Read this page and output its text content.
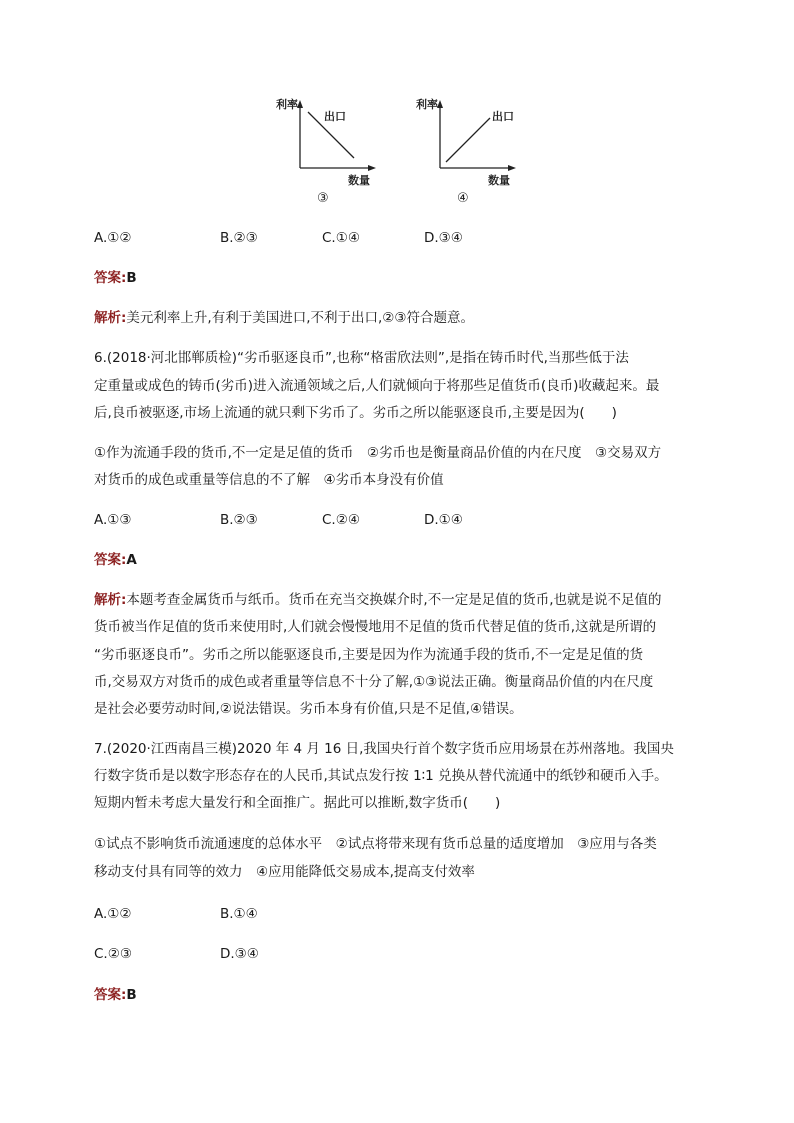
利率
出口
数量
③
利率
出口
数量
④
A.①②	B.②③	C.①④	D.③④
答案:B
解析:美元利率上升,有利于美国进口,不利于出口,②③符合题意。
6.(2018·河北邯郸质检)“劣币驱逐良币”,也称“格雷欣法则”,是指在铸币时代,当那些低于法
定重量或成色的铸币(劣币)进入流通领域之后,人们就倾向于将那些足值货币(良币)收藏起来。最
后,良币被驱逐,市场上流通的就只剩下劣币了。劣币之所以能驱逐良币,主要是因为(　　)
①作为流通手段的货币,不一定是足值的货币　②劣币也是衡量商品价值的内在尺度　③交易双方
对货币的成色或重量等信息的不了解　④劣币本身没有价值
A.①③	B.②③	C.②④	D.①④
答案:A
解析:本题考查金属货币与纸币。货币在充当交换媒介时,不一定是足值的货币,也就是说不足值的
货币被当作足值的货币来使用时,人们就会慢慢地用不足值的货币代替足值的货币,这就是所谓的
“劣币驱逐良币”。劣币之所以能驱逐良币,主要是因为作为流通手段的货币,不一定是足值的货
币,交易双方对货币的成色或者重量等信息不十分了解,①③说法正确。衡量商品价值的内在尺度
是社会必要劳动时间,②说法错误。劣币本身有价值,只是不足值,④错误。
7.(2020·江西南昌三模)2020 年 4 月 16 日,我国央行首个数字货币应用场景在苏州落地。我国央
行数字货币是以数字形态存在的人民币,其试点发行按 1∶1 兑换从替代流通中的纸钞和硬币入手。
短期内暂未考虑大量发行和全面推广。据此可以推断,数字货币(　　)
①试点不影响货币流通速度的总体水平　②试点将带来现有货币总量的适度增加　③应用与各类
移动支付具有同等的效力　④应用能降低交易成本,提高支付效率
A.①②	B.①④
C.②③	D.③④
答案:B
